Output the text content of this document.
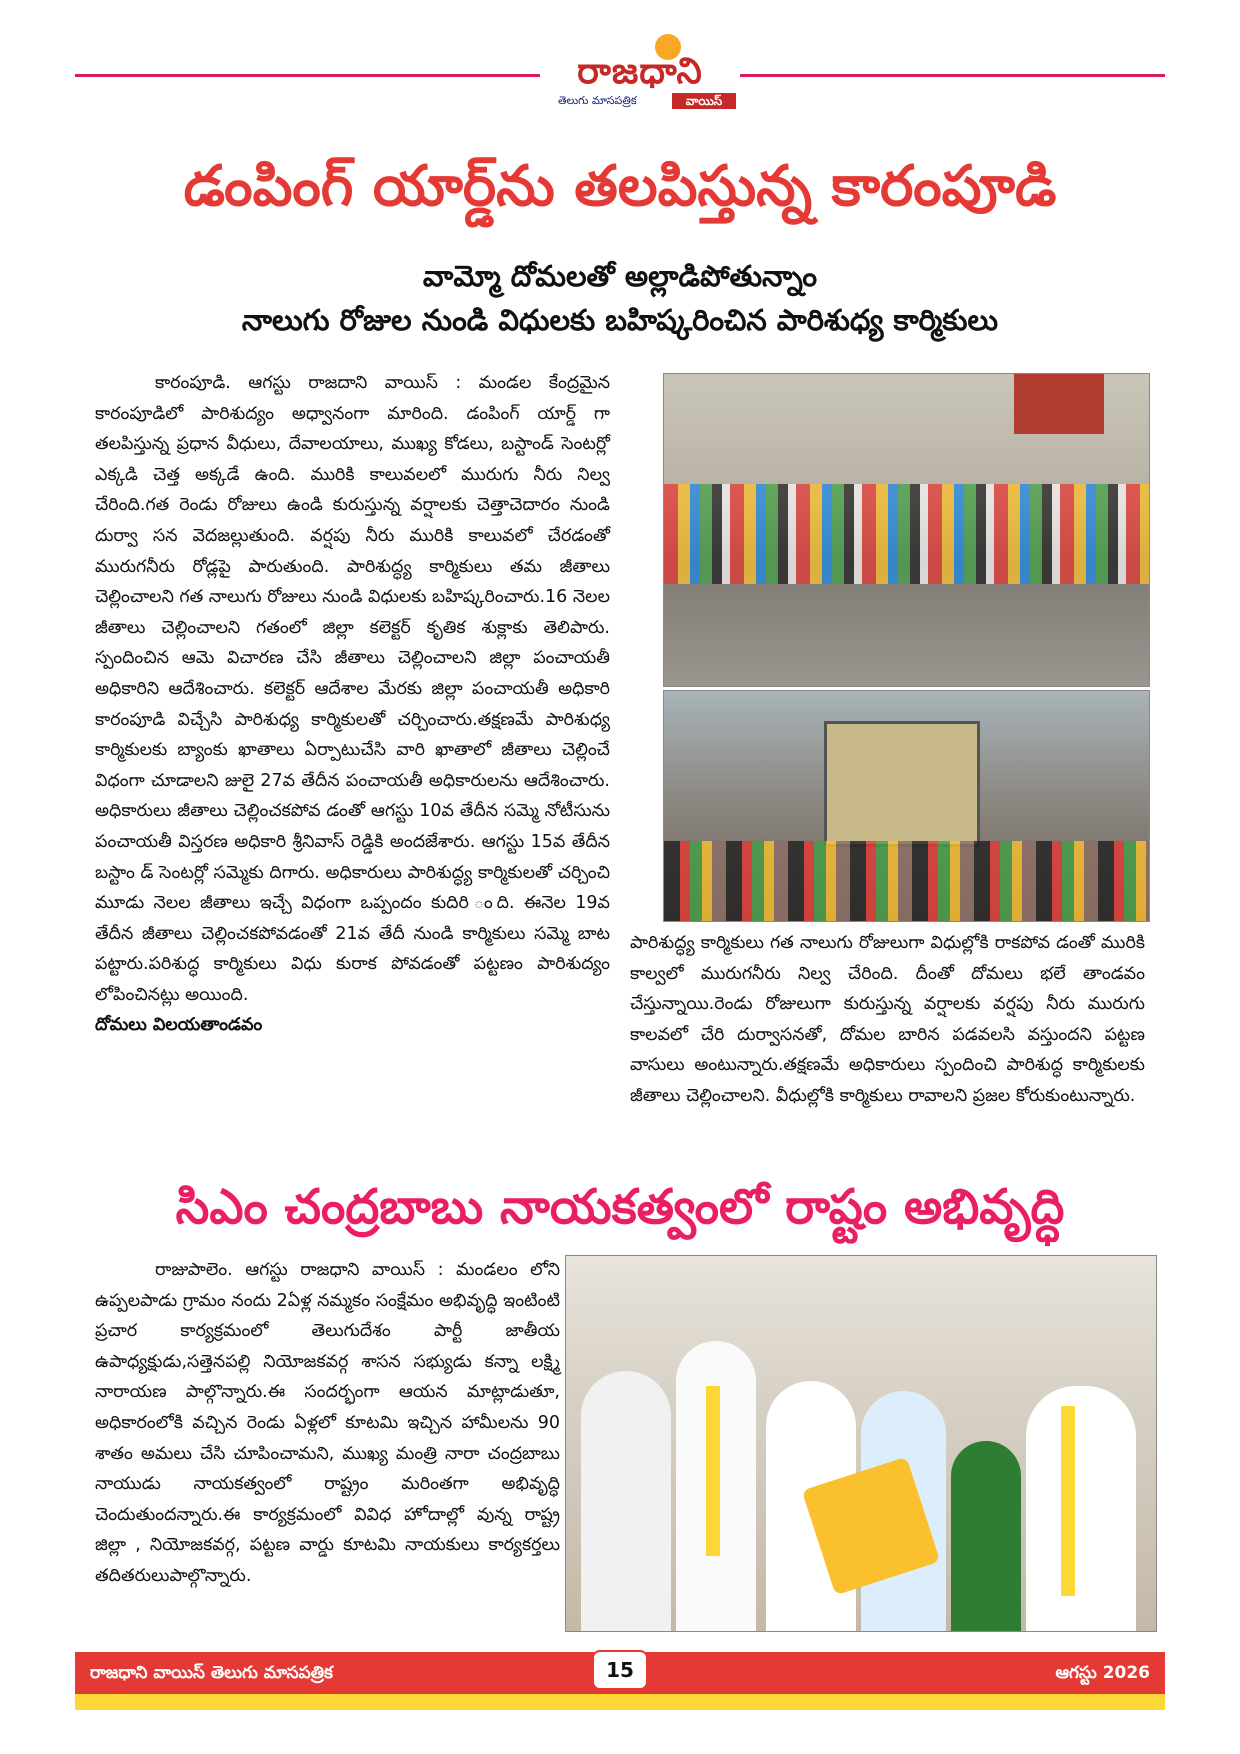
రాజధాని
తెలుగు మాసపత్రిక	వాయిస్
డంపింగ్ యార్డ్‌ను తలపిస్తున్న కారంపూడి
వామ్మో దోమలతో అల్లాడిపోతున్నాం
నాలుగు రోజుల నుండి విధులకు బహిష్కరించిన పారిశుధ్య కార్మికులు

కారంపూడి. ఆగస్టు రాజదాని వాయిస్ : మండల కేంద్రమైన కారంపూడిలో పారిశుద్యం అధ్వానంగా మారింది. డంపింగ్ యార్డ్ గా తలపిస్తున్న ప్రధాన వీధులు, దేవాలయాలు, ముఖ్య కోడలు, బస్టాండ్ సెంటర్లో ఎక్కడి చెత్త అక్కడే ఉంది. మురికి కాలువలలో మురుగు నీరు నిల్వ చేరింది.గత రెండు రోజులు ఉండి కురుస్తున్న వర్షాలకు చెత్తాచెదారం నుండి దుర్వా సన వెదజల్లుతుంది. వర్షపు నీరు మురికి కాలువలో చేరడంతో మురుగనీరు రోడ్లపై పారుతుంది. పారిశుద్ధ్య కార్మికులు తమ జీతాలు చెల్లించాలని గత నాలుగు రోజులు నుండి విధులకు బహిష్కరించారు.16 నెలల జీతాలు చెల్లించాలని గతంలో జిల్లా కలెక్టర్ కృతిక శుక్లాకు తెలిపారు. స్పందించిన ఆమె విచారణ చేసి జీతాలు చెల్లించాలని జిల్లా పంచాయతీ అధికారిని ఆదేశించారు. కలెక్టర్ ఆదేశాల మేరకు జిల్లా పంచాయతీ అధికారి కారంపూడి విచ్చేసి పారిశుధ్య కార్మికులతో చర్చించారు.తక్షణమే పారిశుధ్య కార్మికులకు బ్యాంకు ఖాతాలు ఏర్పాటుచేసి వారి ఖాతాలో జీతాలు చెల్లించే విధంగా చూడాలని జులై 27వ తేదీన పంచాయతీ అధికారులను ఆదేశించారు. అధికారులు జీతాలు చెల్లించకపోవ డంతో ఆగస్టు 10వ తేదీన సమ్మె నోటీసును పంచాయతీ విస్తరణ అధికారి శ్రీనివాస్ రెడ్డికి అందజేశారు. ఆగస్టు 15వ తేదీన బస్టాం డ్ సెంటర్లో సమ్మెకు దిగారు. అధికారులు పారిశుద్ధ్య కార్మికులతో చర్చించి మూడు నెలల జీతాలు ఇచ్చే విధంగా ఒప్పందం కుదిరి ంది. ఈనెల 19వ తేదీన జీతాలు చెల్లించకపోవడంతో 21వ తేదీ నుండి కార్మికులు సమ్మె బాట పట్టారు.పరిశుద్ధ కార్మికులు విధు కురాక పోవడంతో పట్టణం పారిశుద్యం లోపించినట్లు అయింది.

దోమలు విలయతాండవం

పారిశుద్ధ్య కార్మికులు గత నాలుగు రోజులుగా విధుల్లోకి రాకపోవ డంతో మురికి కాల్వలో మురుగనీరు నిల్వ చేరింది. దీంతో దోమలు భలే తాండవం చేస్తున్నాయి.రెండు రోజులుగా కురుస్తున్న వర్షాలకు వర్షపు నీరు మురుగు కాలవలో చేరి దుర్వాసనతో, దోమల బారిన పడవలసి వస్తుందని పట్టణ వాసులు అంటున్నారు.తక్షణమే అధికారులు స్పందించి పారిశుద్ధ కార్మికులకు జీతాలు చెల్లించాలని. వీధుల్లోకి కార్మికులు రావాలని ప్రజల కోరుకుంటున్నారు.
సిఎం చంద్రబాబు నాయకత్వంలో రాష్టం అభివృద్ధి

రాజుపాలెం. ఆగస్టు రాజధాని వాయిస్ : మండలం లోని ఉప్పలపాడు గ్రామం నందు 2ఏళ్ల నమ్మకం సంక్షేమం అభివృద్ధి ఇంటింటి ప్రచార కార్యక్రమంలో తెలుగుదేశం పార్టీ జాతీయ ఉపాధ్యక్షుడు,సత్తెనపల్లి నియోజకవర్గ శాసన సభ్యుడు కన్నా లక్ష్మి నారాయణ పాల్గొన్నారు.ఈ సందర్భంగా ఆయన మాట్లాడుతూ, అధికారంలోకి వచ్చిన రెండు ఏళ్లలో కూటమి ఇచ్చిన హామీలను 90 శాతం అమలు చేసి చూపించామని, ముఖ్య మంత్రి నారా చంద్రబాబు నాయుడు నాయకత్వంలో రాష్ట్రం మరింతగా అభివృద్ధి చెందుతుందన్నారు.ఈ కార్యక్రమంలో వివిధ హోదాల్లో వున్న రాష్ట్ర జిల్లా , నియోజకవర్గ, పట్టణ వార్డు కూటమి నాయకులు కార్యకర్తలు తదితరులుపాల్గొన్నారు.

రాజధాని వాయిస్ తెలుగు మాసపత్రిక	15	ఆగస్టు 2026
